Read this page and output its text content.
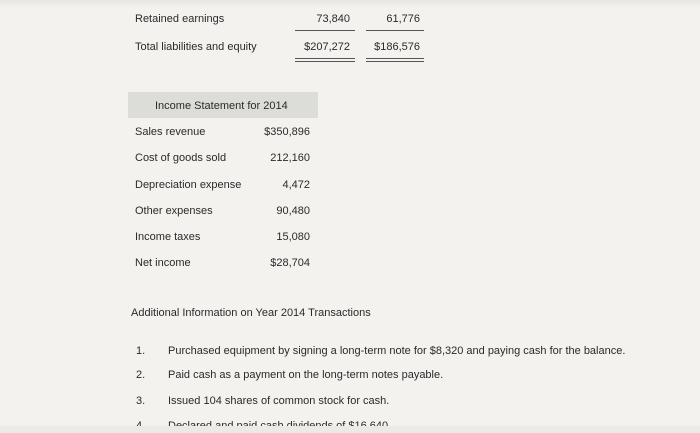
Retained earnings	73,840	61,776
Total liabilities and equity	$207,272	$186,576
Income Statement for 2014
Sales revenue	$350,896
Cost of goods sold	212,160
Depreciation expense	4,472
Other expenses	90,480
Income taxes	15,080
Net income	$28,704
Additional Information on Year 2014 Transactions
1. Purchased equipment by signing a long-term note for $8,320 and paying cash for the balance.
2. Paid cash as a payment on the long-term notes payable.
3. Issued 104 shares of common stock for cash.
